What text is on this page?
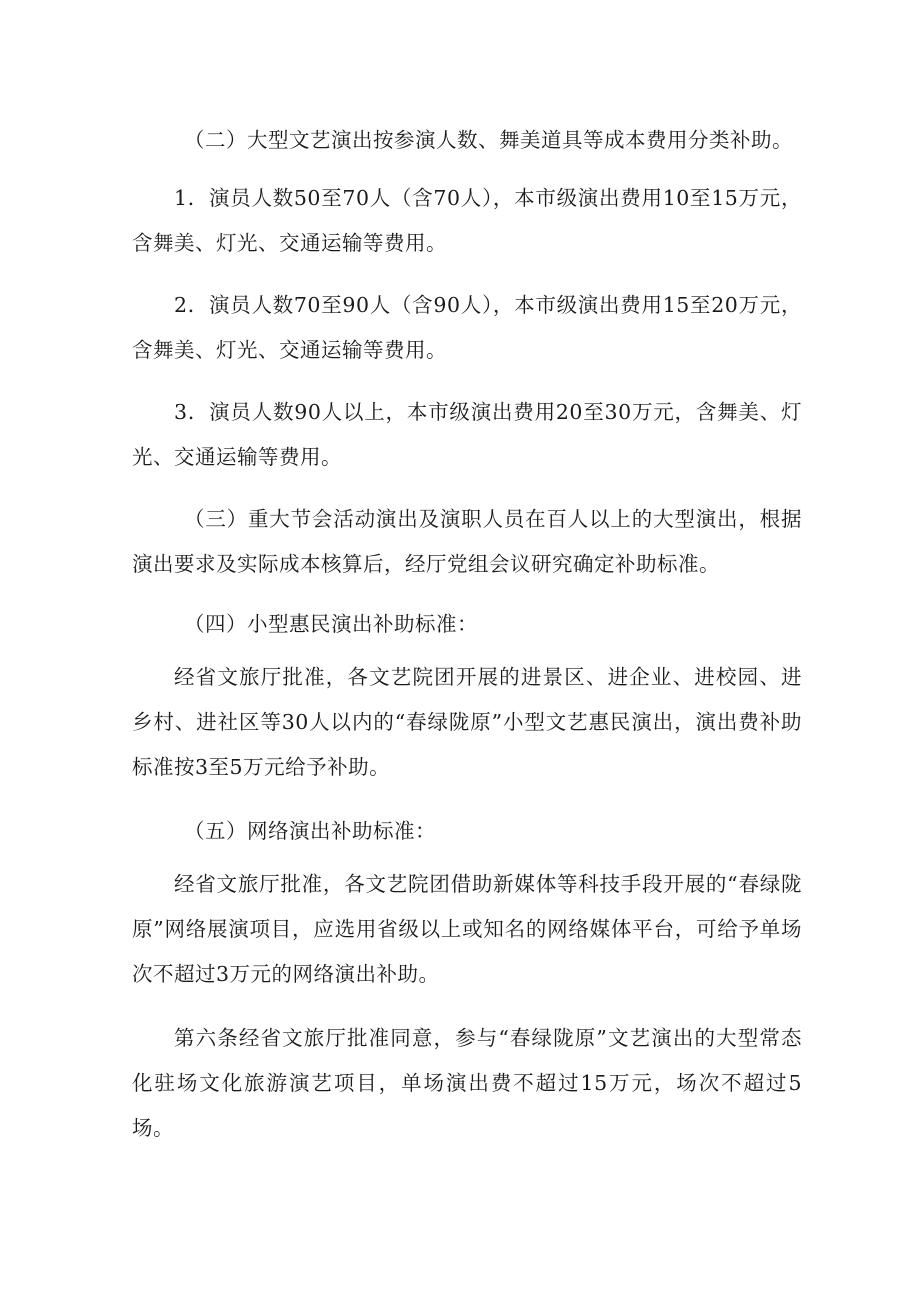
（二）大型文艺演出按参演人数、舞美道具等成本费用分类补助。

1．演员人数50至70人（含70人），本市级演出费用10至15万元，含舞美、灯光、交通运输等费用。

2．演员人数70至90人（含90人），本市级演出费用15至20万元，含舞美、灯光、交通运输等费用。

3．演员人数90人以上，本市级演出费用20至30万元，含舞美、灯光、交通运输等费用。

（三）重大节会活动演出及演职人员在百人以上的大型演出，根据演出要求及实际成本核算后，经厅党组会议研究确定补助标准。

（四）小型惠民演出补助标准：

经省文旅厅批准，各文艺院团开展的进景区、进企业、进校园、进乡村、进社区等30人以内的“春绿陇原”小型文艺惠民演出，演出费补助标准按3至5万元给予补助。

（五）网络演出补助标准：

经省文旅厅批准，各文艺院团借助新媒体等科技手段开展的“春绿陇原”网络展演项目，应选用省级以上或知名的网络媒体平台，可给予单场次不超过3万元的网络演出补助。

第六条经省文旅厅批准同意，参与“春绿陇原”文艺演出的大型常态化驻场文化旅游演艺项目，单场演出费不超过15万元，场次不超过5场。
